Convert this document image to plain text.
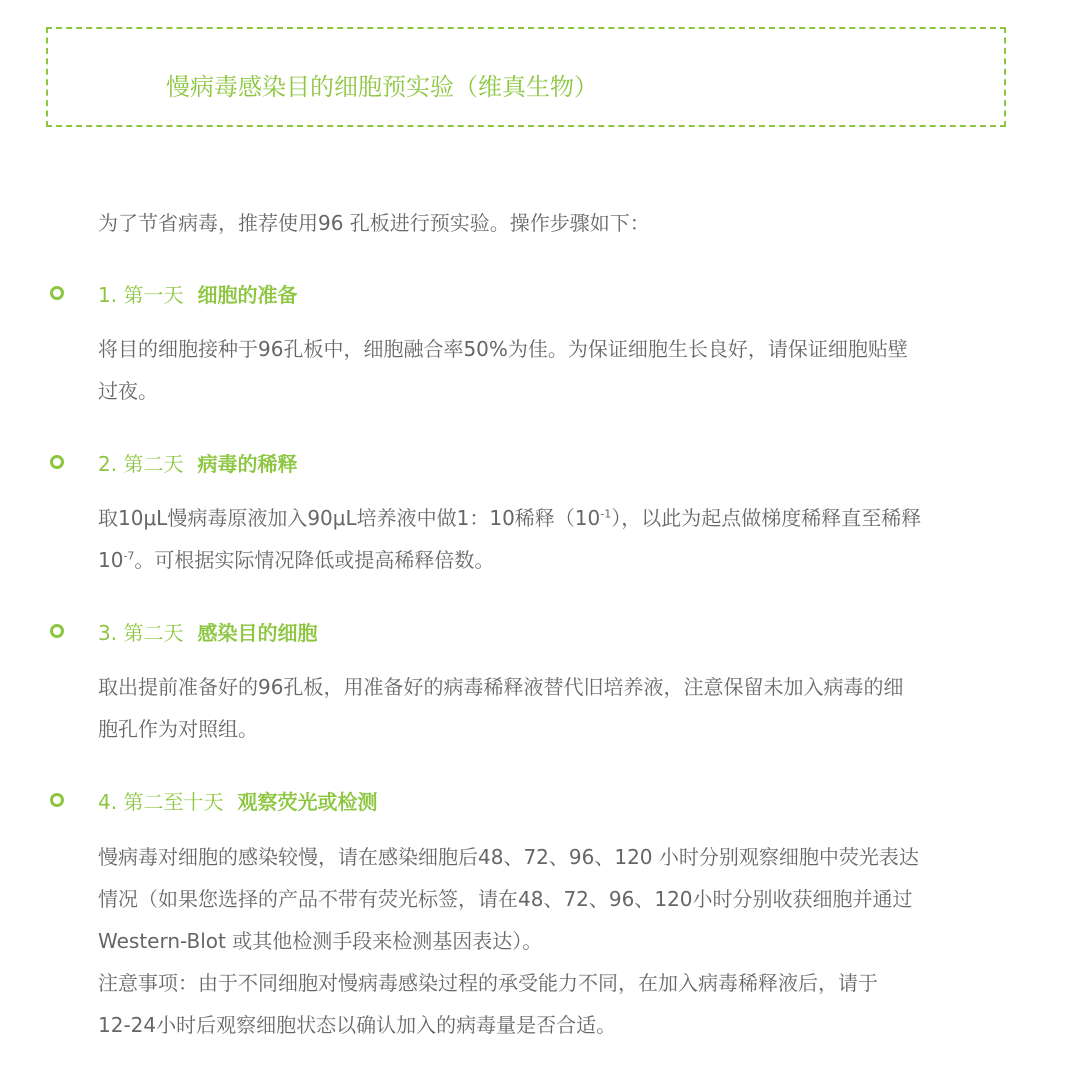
慢病毒感染目的细胞预实验（维真生物）
为了节省病毒，推荐使用96 孔板进行预实验。操作步骤如下：
1. 第一天 细胞的准备
将目的细胞接种于96孔板中，细胞融合率50%为佳。为保证细胞生长良好，请保证细胞贴壁
过夜。
2. 第二天 病毒的稀释
取10μL慢病毒原液加入90μL培养液中做1：10稀释$(10^{-1})$，以此为起点做梯度稀释直至稀释
$10^{-7}$。可根据实际情况降低或提高稀释倍数。
3. 第二天 感染目的细胞
取出提前准备好的96孔板，用准备好的病毒稀释液替代旧培养液，注意保留未加入病毒的细
胞孔作为对照组。
4. 第二至十天 观察荧光或检测
慢病毒对细胞的感染较慢，请在感染细胞后48、72、96、120 小时分别观察细胞中荧光表达
情况（如果您选择的产品不带有荧光标签，请在48、72、96、120小时分别收获细胞并通过
Western-Blot 或其他检测手段来检测基因表达）。
注意事项：由于不同细胞对慢病毒感染过程的承受能力不同，在加入病毒稀释液后，请于
12-24小时后观察细胞状态以确认加入的病毒量是否合适。
